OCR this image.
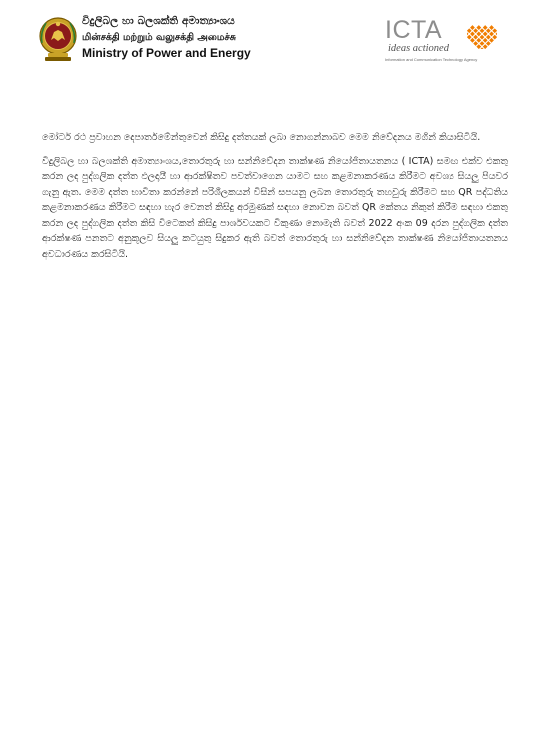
විදුලිබල හා බලශක්ති අමාත්‍යාංශය
மின்சக்தி மற்றும் வலுசக்தி அமைச்சு
Ministry of Power and Energy
ICTA
ideas actioned
Information and Communication Technology Agency

මෝටර් රථ ප්‍රවාහන දෙපාර්තමේන්තුවෙන් කිසිදු දත්තයක් ලබා නොගන්නාබව මෙම නිවේදනය මගින් කියාසිටියි.

විදුලිබල හා බලශක්ති අමාත්‍යාංශය,තොරතුරු හා සන්නිවේදන තාක්ෂණ නියෝජිතායතනය ( ICTA) සමඟ එක්ව එකතු කරන ලද පුද්ගලික දත්ත ඵලදායී හා ආරක්ෂිතව පවත්වාගෙන යාමට සහ කළමනාකරණය කිරීමට අවශ්‍ය සියලු පියවර ගැනු ඇත. මෙම දත්ත භාවිතා කරන්නේ පරිශීලකයන් විසින් සපයනු ලබන තොරතුරු තහවුරු කිරීමට සහ QR පද්ධතිය කළමනාකරණය කිරීමට සඳහා හැර වෙනත් කිසිදු අරමුණක් සඳහා නොවන බවත් QR කේතය නිකුත් කිරීම සඳහා එකතු කරන ලද පුද්ගලික දත්ත කිසි විටෙකත් කිසිදු පාර්ශවයකට විකුණා නොමැති බවත් 2022 අංක 09 දරන පුද්ගලික දත්ත ආරක්ෂණ පනතට අනුකූලව සියලු කටයුතු සිදුකර ඇති බවත් තොරතුරු හා සන්නිවේදන තාක්ෂණ නියෝජිතායතනය අවධාරණය කරසිටියි.
